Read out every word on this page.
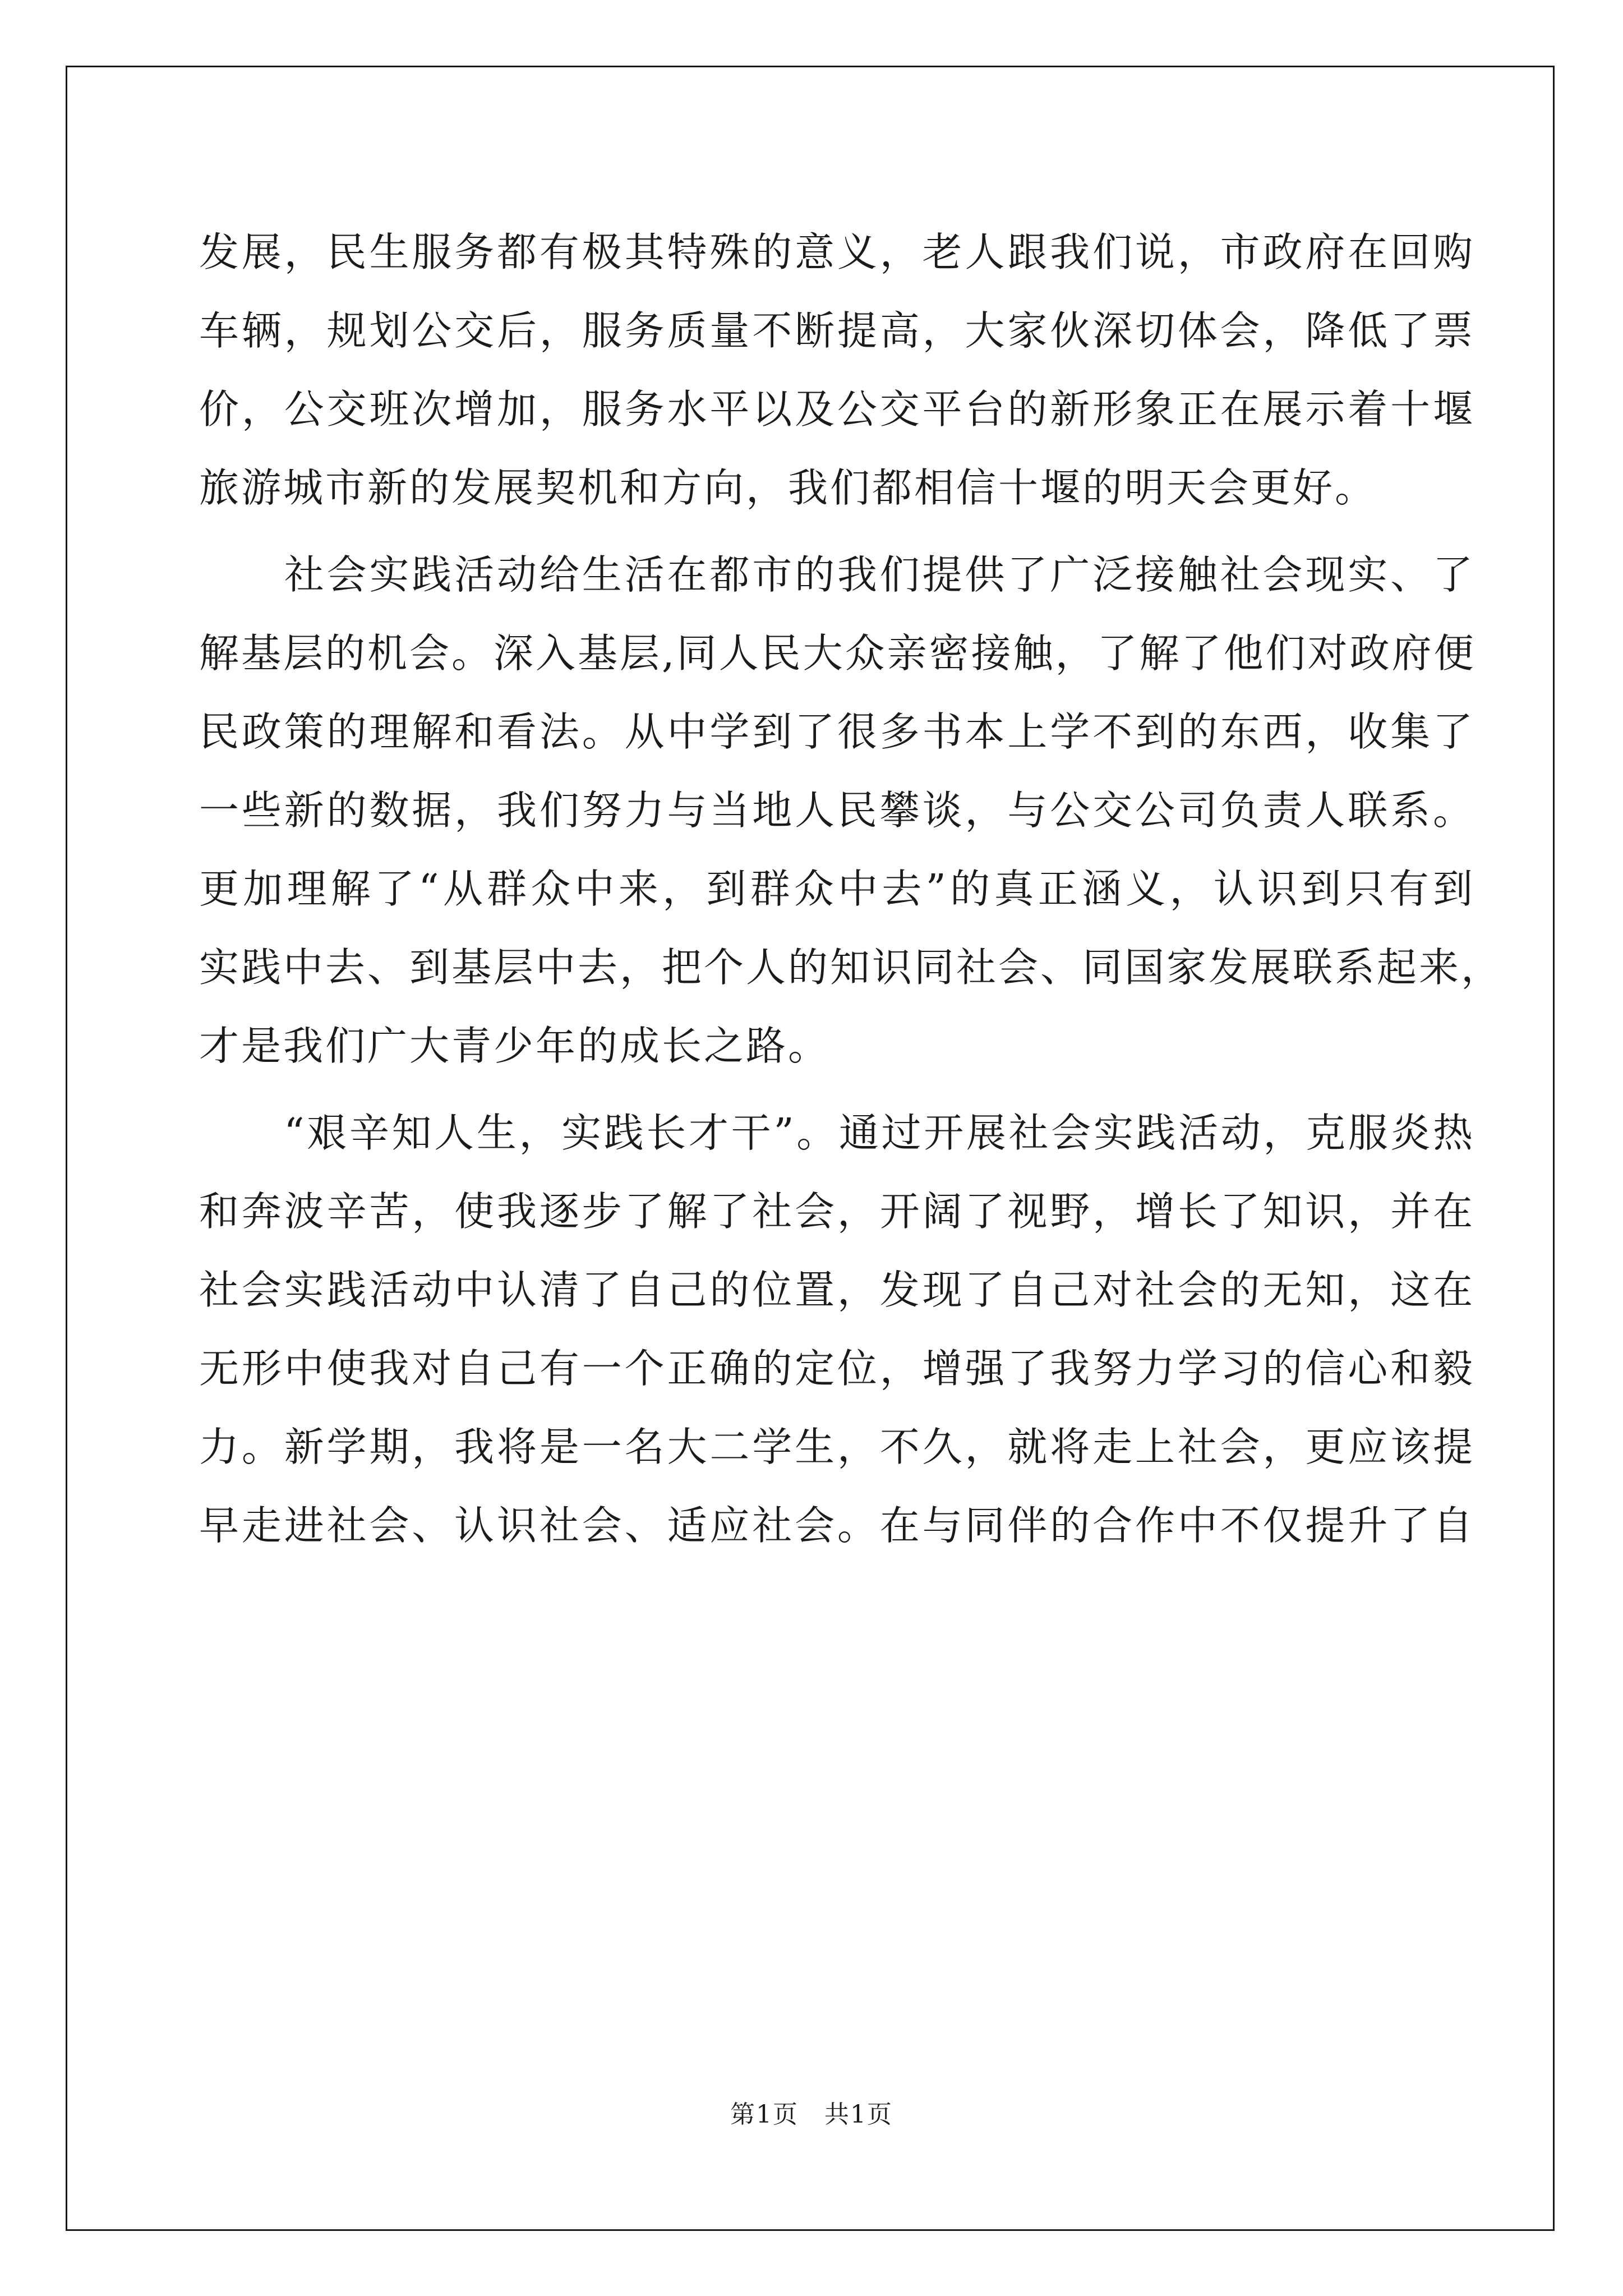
发展，民生服务都有极其特殊的意义，老人跟我们说，市政府在回购
车辆，规划公交后，服务质量不断提高，大家伙深切体会，降低了票
价，公交班次增加，服务水平以及公交平台的新形象正在展示着十堰
旅游城市新的发展契机和方向，我们都相信十堰的明天会更好。
　　社会实践活动给生活在都市的我们提供了广泛接触社会现实、了
解基层的机会。深入基层,同人民大众亲密接触，了解了他们对政府便
民政策的理解和看法。从中学到了很多书本上学不到的东西，收集了
一些新的数据，我们努力与当地人民攀谈，与公交公司负责人联系。
更加理解了“从群众中来，到群众中去”的真正涵义，认识到只有到
实践中去、到基层中去，把个人的知识同社会、同国家发展联系起来，
才是我们广大青少年的成长之路。
　　“艰辛知人生，实践长才干”。通过开展社会实践活动，克服炎热
和奔波辛苦，使我逐步了解了社会，开阔了视野，增长了知识，并在
社会实践活动中认清了自己的位置，发现了自己对社会的无知，这在
无形中使我对自己有一个正确的定位，增强了我努力学习的信心和毅
力。新学期，我将是一名大二学生，不久，就将走上社会，更应该提
早走进社会、认识社会、适应社会。在与同伴的合作中不仅提升了自
第1页　共1页
